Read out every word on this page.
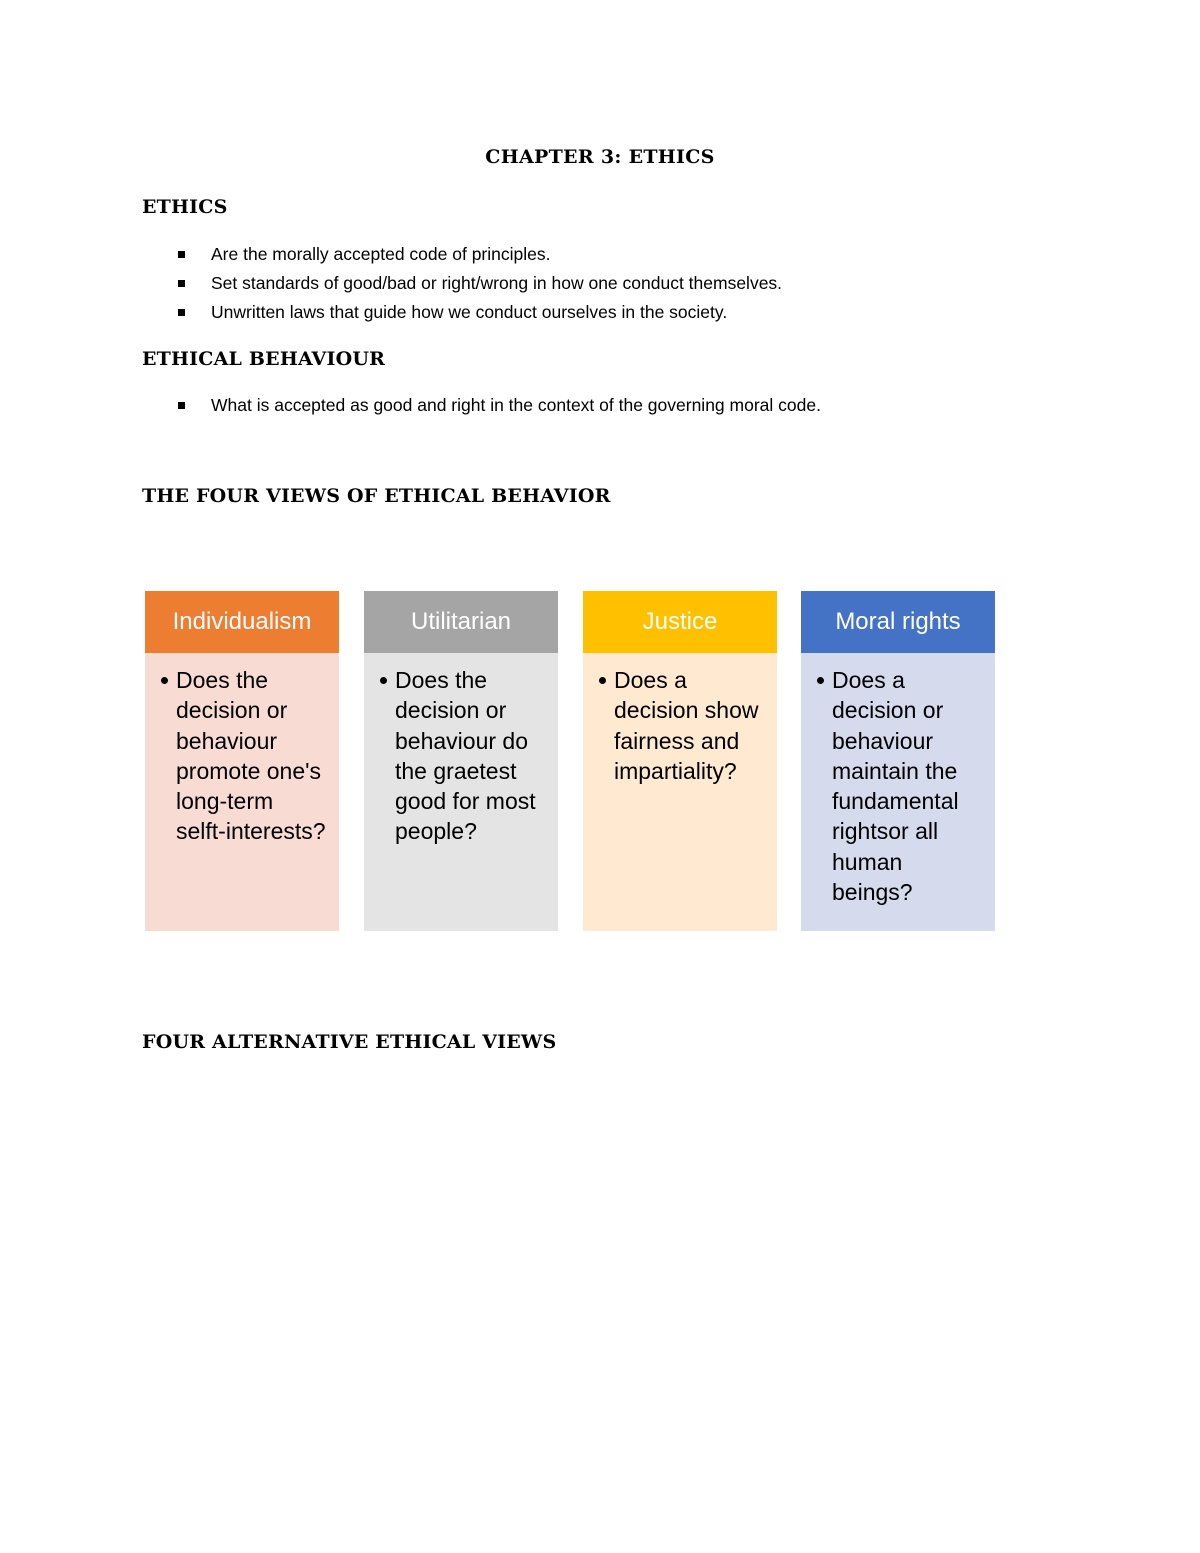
CHAPTER 3: ETHICS
ETHICS
Are the morally accepted code of principles.
Set standards of good/bad or right/wrong in how one conduct themselves.
Unwritten laws that guide how we conduct ourselves in the society.
ETHICAL BEHAVIOUR
What is accepted as good and right in the context of the governing moral code.
THE FOUR VIEWS OF ETHICAL BEHAVIOR
Individualism
Does the decision or behaviour promote one's long-term selft-interests?
Utilitarian
Does the decision or behaviour do the graetest good for most people?
Justice
Does a decision show fairness and impartiality?
Moral rights
Does a decision or behaviour maintain the fundamental rightsor all human beings?
FOUR ALTERNATIVE ETHICAL VIEWS
